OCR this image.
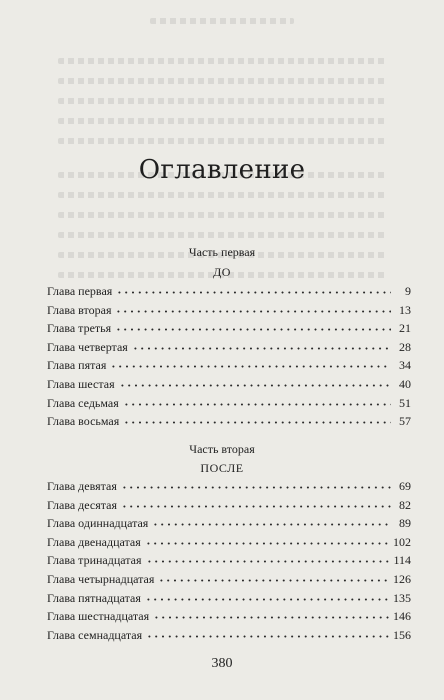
Оглавление
Часть первая
ДО
Глава первая	9
Глава вторая	13
Глава третья	21
Глава четвертая	28
Глава пятая	34
Глава шестая	40
Глава седьмая	51
Глава восьмая	57
Часть вторая
ПОСЛЕ
Глава девятая	69
Глава десятая	82
Глава одиннадцатая	89
Глава двенадцатая	102
Глава тринадцатая	114
Глава четырнадцатая	126
Глава пятнадцатая	135
Глава шестнадцатая	146
Глава семнадцатая	156
380
